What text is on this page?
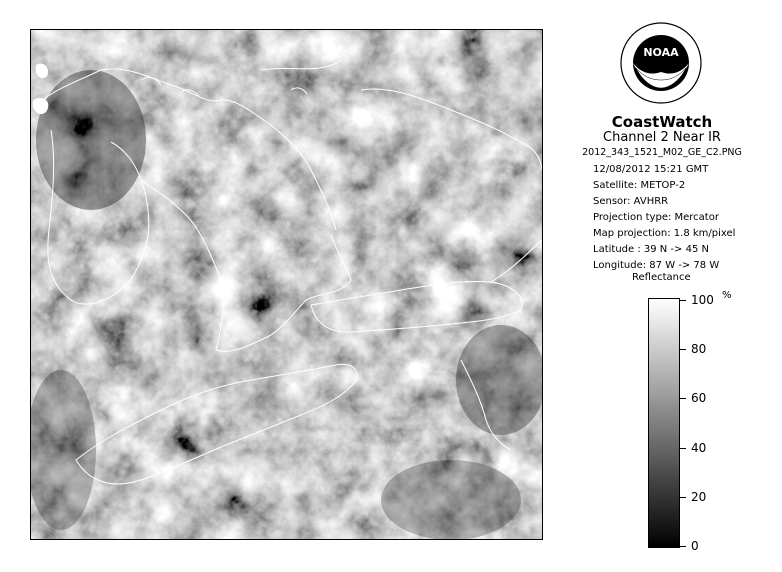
NOAA
CoastWatch
Channel 2 Near IR
2012_343_1521_M02_GE_C2.PNG
12/08/2012 15:21 GMT
Satellite: METOP-2
Sensor: AVHRR
Projection type: Mercator
Map projection: 1.8 km/pixel
Latitude : 39 N -> 45 N
Longitude: 87 W -> 78 W
Reflectance
%
100
80
60
40
20
0
